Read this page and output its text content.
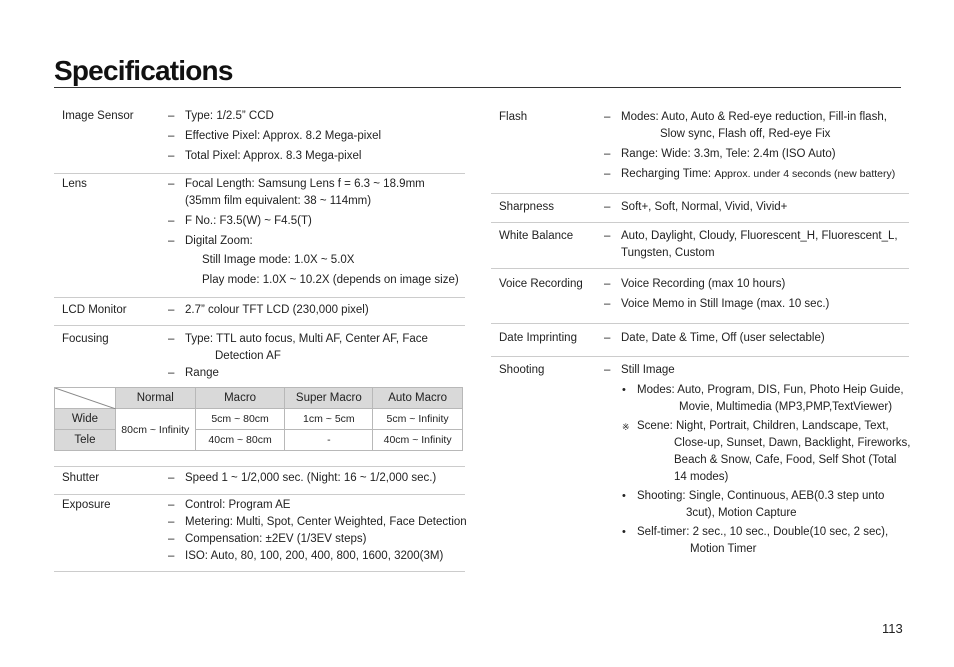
Specifications
Image Sensor	– Type: 1/2.5” CCD
– Effective Pixel: Approx. 8.2 Mega-pixel
– Total Pixel: Approx. 8.3 Mega-pixel
Lens	– Focal Length: Samsung Lens f = 6.3 ~ 18.9mm
(35mm film equivalent: 38 ~ 114mm)
– F No.: F3.5(W) ~ F4.5(T)
– Digital Zoom:
Still Image mode: 1.0X ~ 5.0X
Play mode: 1.0X ~ 10.2X (depends on image size)
LCD Monitor	– 2.7” colour TFT LCD (230,000 pixel)
Focusing	– Type: TTL auto focus, Multi AF, Center AF, Face
Detection AF
– Range
	Normal	Macro	Super Macro	Auto Macro
Wide	80cm ~ Infinity	5cm ~ 80cm	1cm ~ 5cm	5cm ~ Infinity
Tele		40cm ~ 80cm	-	40cm ~ Infinity
Shutter	– Speed 1 ~ 1/2,000 sec. (Night: 16 ~ 1/2,000 sec.)
Exposure	– Control: Program AE
– Metering: Multi, Spot, Center Weighted, Face Detection
– Compensation: ±2EV (1/3EV steps)
– ISO: Auto, 80, 100, 200, 400, 800, 1600, 3200(3M)
Flash	– Modes: Auto, Auto & Red-eye reduction, Fill-in flash,
Slow sync, Flash off, Red-eye Fix
– Range: Wide: 3.3m, Tele: 2.4m (ISO Auto)
– Recharging Time: Approx. under 4 seconds (new battery)
Sharpness	– Soft+, Soft, Normal, Vivid, Vivid+
White Balance	– Auto, Daylight, Cloudy, Fluorescent_H, Fluorescent_L,
Tungsten, Custom
Voice Recording – Voice Recording (max 10 hours)
– Voice Memo in Still Image (max. 10 sec.)
Date Imprinting – Date, Date & Time, Off (user selectable)
Shooting	– Still Image
• Modes: Auto, Program, DIS, Fun, Photo Heip Guide,
Movie, Multimedia (MP3,PMP,TextViewer)
※ Scene: Night, Portrait, Children, Landscape, Text,
Close-up, Sunset, Dawn, Backlight, Fireworks,
Beach & Snow, Cafe, Food, Self Shot (Total
14 modes)
• Shooting: Single, Continuous, AEB(0.3 step unto
3cut), Motion Capture
• Self-timer: 2 sec., 10 sec., Double(10 sec, 2 sec),
Motion Timer
113
